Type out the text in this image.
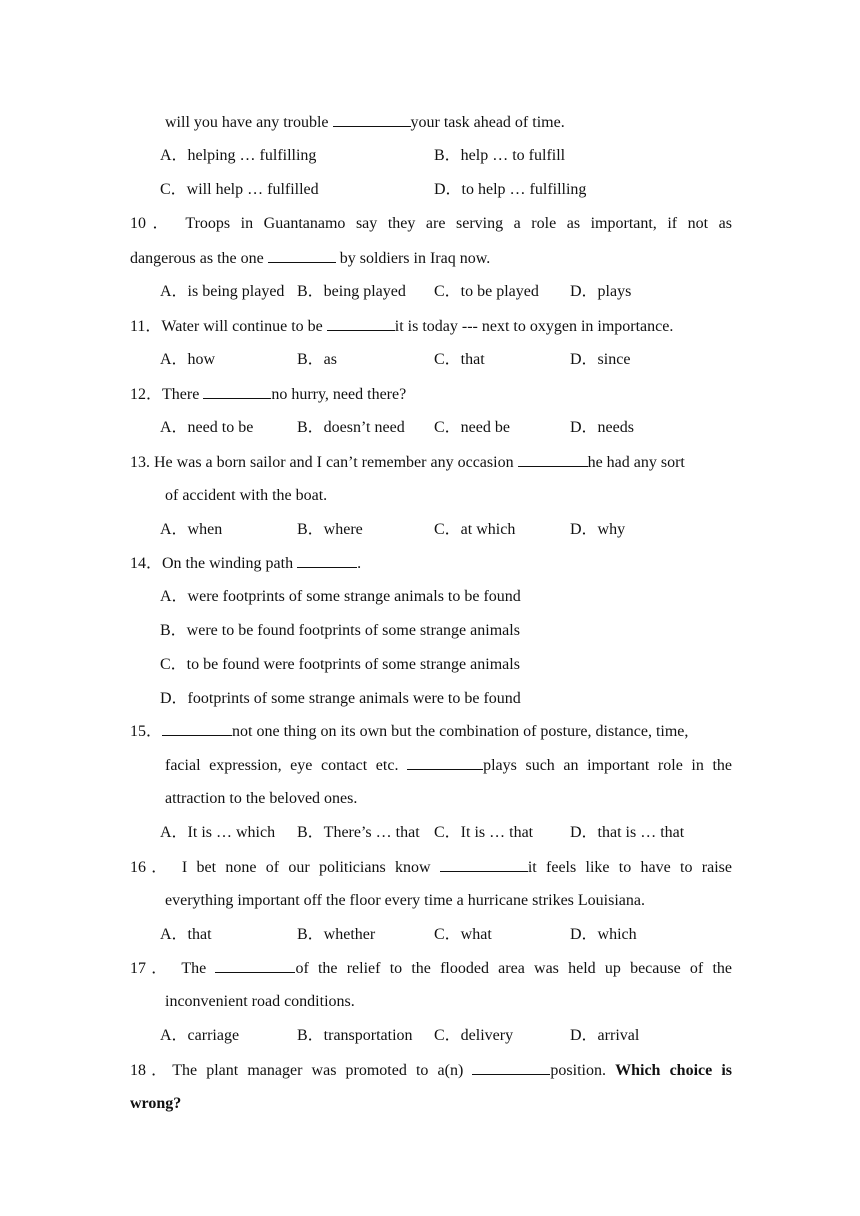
will you have any trouble	your task ahead of time.
A．helping … fulfilling	B．help … to fulfill
C．will help … fulfilled	D．to help … fulfilling
10． Troops in Guantanamo say they are serving a role as important, if not as
dangerous as the one	by soldiers in Iraq now.
A．is being played B．being played C．to be played D．plays
11．Water will continue to be	it is today --- next to oxygen in importance.
A．how	B．as	C．that	D．since
12．There	no hurry, need there?
A．need to be	B．doesn’t need C．need be	D．needs
13. He was a born sailor and I can’t remember any occasion	he had any sort
of accident with the boat.
A．when	B．where	C．at which	D．why
14．On the winding path	.
A．were footprints of some strange animals to be found
B．were to be found footprints of some strange animals
C．to be found were footprints of some strange animals
D．footprints of some strange animals were to be found
15．	not one thing on its own but the combination of posture, distance, time,
facial expression, eye contact etc.	plays such an important role in the
attraction to the beloved ones.
A．It is … which B．There’s … that C．It is … that D．that is … that
16． I bet none of our politicians know	it feels like to have to raise
everything important off the floor every time a hurricane strikes Louisiana.
A．that	B．whether	C．what	D．which
17． The	of the relief to the flooded area was held up because of the
inconvenient road conditions.
A．carriage	B．transportation C．delivery	D．arrival
18．The plant manager was promoted to a(n)	position. Which choice is
wrong?
